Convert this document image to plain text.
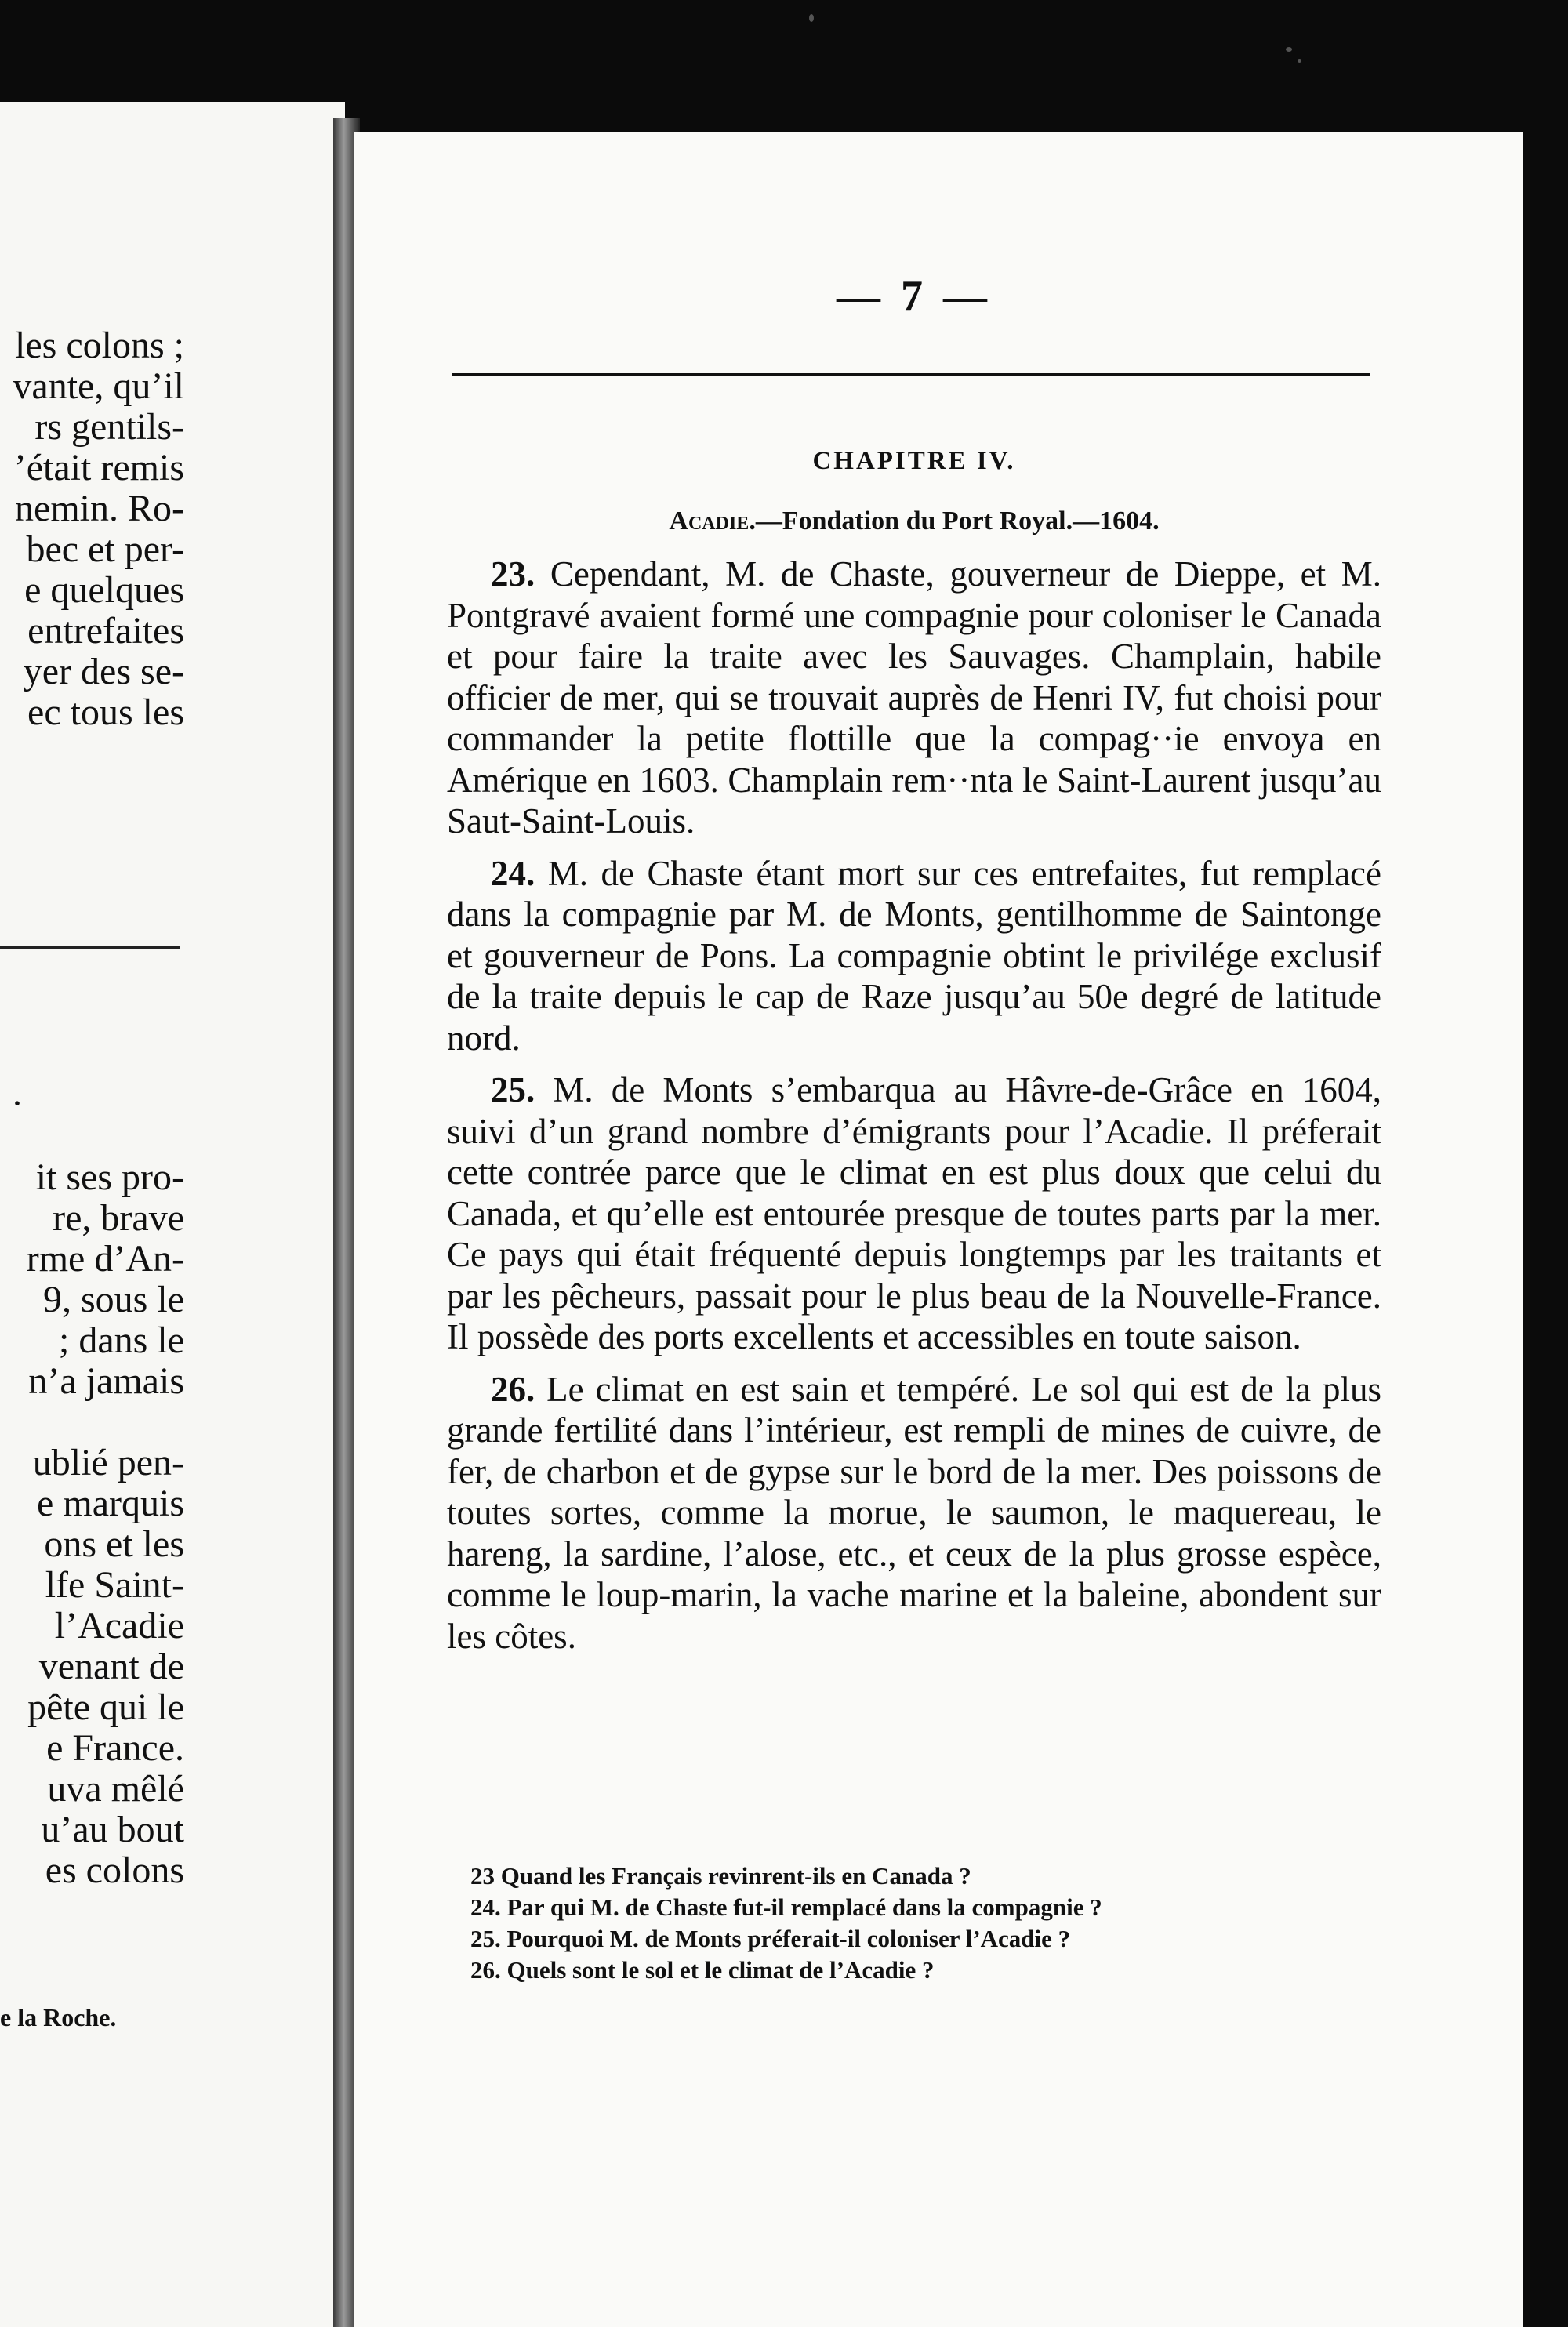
les colons ;
vante, qu’il
rs gentils-
’était remis
nemin. Ro-
bec et per-
e quelques
entrefaites
yer des se-
ec tous les
·
it ses pro-
re, brave
rme d’An-
9, sous le
; dans le
n’a jamais

ublié pen-
e marquis
ons et les
lfe Saint-
l’Acadie
venant de
pête qui le
e France.
uva mêlé
u’au bout
es colons
e la Roche.
— 7 —
CHAPITRE IV.
Acadie.—Fondation du Port Royal.—1604.

23. Cependant, M. de Chaste, gouverneur de Dieppe, et M. Pontgravé avaient formé une compagnie pour coloniser le Canada et pour faire la traite avec les Sauvages. Champlain, habile officier de mer, qui se trouvait auprès de Henri IV, fut choisi pour commander la petite flottille que la compag··ie envoya en Amérique en 1603. Champlain rem··nta le Saint-Laurent jusqu’au Saut-Saint-Louis.

24. M. de Chaste étant mort sur ces entrefaites, fut remplacé dans la compagnie par M. de Monts, gentilhomme de Saintonge et gouverneur de Pons. La compagnie obtint le privilége exclusif de la traite depuis le cap de Raze jusqu’au 50e degré de latitude nord.

25. M. de Monts s’embarqua au Hâvre-de-Grâce en 1604, suivi d’un grand nombre d’émigrants pour l’Acadie. Il préferait cette contrée parce que le climat en est plus doux que celui du Canada, et qu’elle est entourée presque de toutes parts par la mer. Ce pays qui était fréquenté depuis longtemps par les traitants et par les pêcheurs, passait pour le plus beau de la Nouvelle-France. Il possède des ports excellents et accessibles en toute saison.

26. Le climat en est sain et tempéré. Le sol qui est de la plus grande fertilité dans l’intérieur, est rempli de mines de cuivre, de fer, de charbon et de gypse sur le bord de la mer. Des poissons de toutes sortes, comme la morue, le saumon, le maquereau, le hareng, la sardine, l’alose, etc., et ceux de la plus grosse espèce, comme le loup-marin, la vache marine et la baleine, abondent sur les côtes.

23 Quand les Français revinrent-ils en Canada ?
24. Par qui M. de Chaste fut-il remplacé dans la compagnie ?
25. Pourquoi M. de Monts préferait-il coloniser l’Acadie ?
26. Quels sont le sol et le climat de l’Acadie ?
